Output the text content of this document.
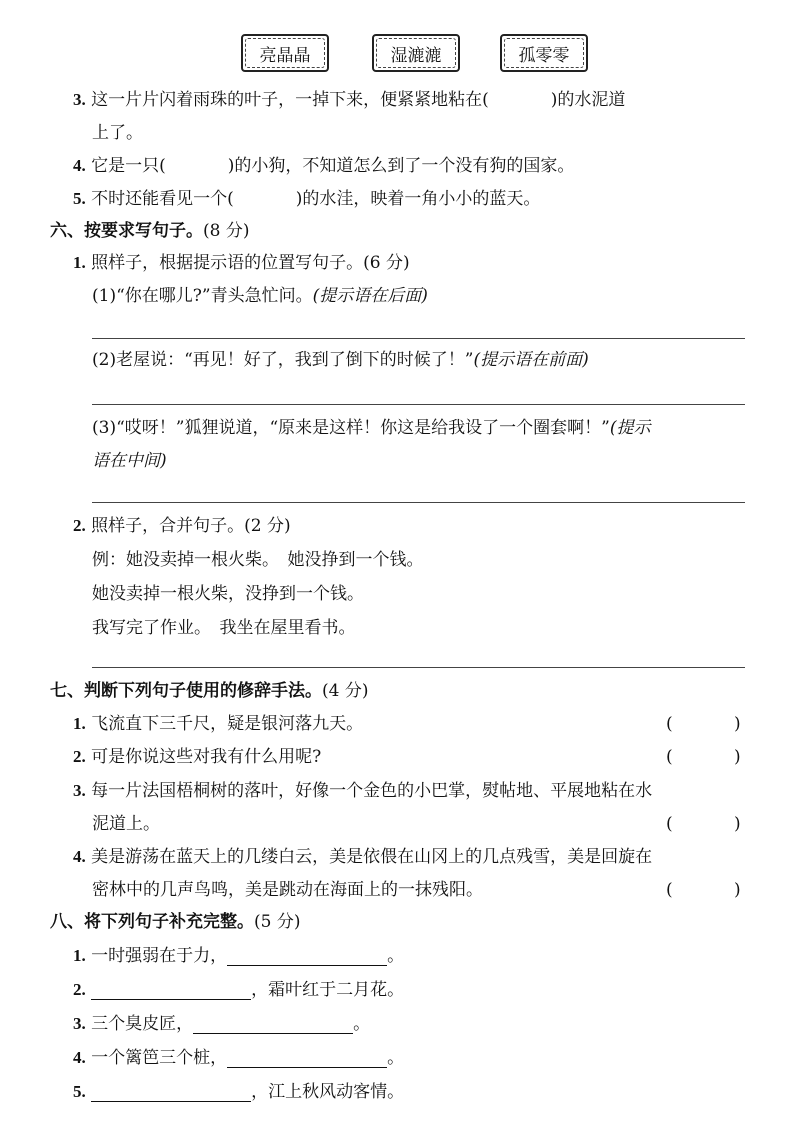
亮晶晶	湿漉漉	孤零零
3. 这一片片闪着雨珠的叶子，一掉下来，便紧紧地粘在(	)的水泥道
上了。
4. 它是一只(	)的小狗，不知道怎么到了一个没有狗的国家。
5. 不时还能看见一个(	)的水洼，映着一角小小的蓝天。
六、按要求写句子。(8 分)
1. 照样子，根据提示语的位置写句子。(6 分)
(1)“你在哪儿?”青头急忙问。(提示语在后面)
(2)老屋说：“再见！好了，我到了倒下的时候了！”(提示语在前面)
(3)“哎呀！”狐狸说道，“原来是这样！你这是给我设了一个圈套啊！”(提示
语在中间)
2. 照样子，合并句子。(2 分)
例：她没卖掉一根火柴。　她没挣到一个钱。
她没卖掉一根火柴，没挣到一个钱。
我写完了作业。　我坐在屋里看书。
七、判断下列句子使用的修辞手法。(4 分)
1. 飞流直下三千尺，疑是银河落九天。	(	)
2. 可是你说这些对我有什么用呢?	(	)
3. 每一片法国梧桐树的落叶，好像一个金色的小巴掌，熨帖地、平展地粘在水
泥道上。	(	)
4. 美是游荡在蓝天上的几缕白云，美是依偎在山冈上的几点残雪，美是回旋在
密林中的几声鸟鸣，美是跳动在海面上的一抹残阳。	(	)
八、将下列句子补充完整。(5 分)
1. 一时强弱在于力，	。
2.	，霜叶红于二月花。
3. 三个臭皮匠，	。
4. 一个篱笆三个桩，	。
5.	，江上秋风动客情。
